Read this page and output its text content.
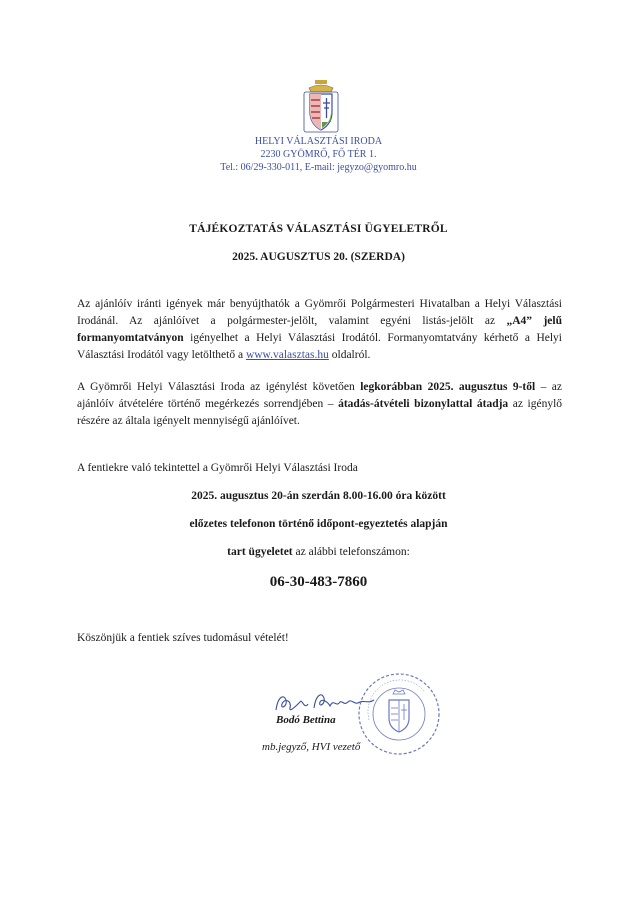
HELYI VÁLASZTÁSI IRODA
2230 GYÖMRŐ, FŐ TÉR 1.
Tel.: 06/29-330-011, E-mail: jegyzo@gyomro.hu
TÁJÉKOZTATÁS VÁLASZTÁSI ÜGYELETRŐL
2025. AUGUSZTUS 20. (SZERDA)
Az ajánlóív iránti igények már benyújthatók a Gyömrői Polgármesteri Hivatalban a Helyi Választási Irodánál. Az ajánlóívet a polgármester-jelölt, valamint egyéni listás-jelölt az „A4” jelű formanyomtatványon igényelhet a Helyi Választási Irodától. Formanyomtatvány kérhető a Helyi Választási Irodától vagy letölthető a www.valasztas.hu oldalról.
A Gyömrői Helyi Választási Iroda az igénylést követően legkorábban 2025. augusztus 9-től – az ajánlóív átvételére történő megérkezés sorrendjében – átadás-átvételi bizonylattal átadja az igénylő részére az általa igényelt mennyiségű ajánlóívet.
A fentiekre való tekintettel a Gyömrői Helyi Választási Iroda
2025. augusztus 20-án szerdán 8.00-16.00 óra között
előzetes telefonon történő időpont-egyeztetés alapján
tart ügyeletet az alábbi telefonszámon:
06-30-483-7860
Köszönjük a fentiek szíves tudomásul vételét!
Bodó Bettina
mb.jegyző, HVI vezető
